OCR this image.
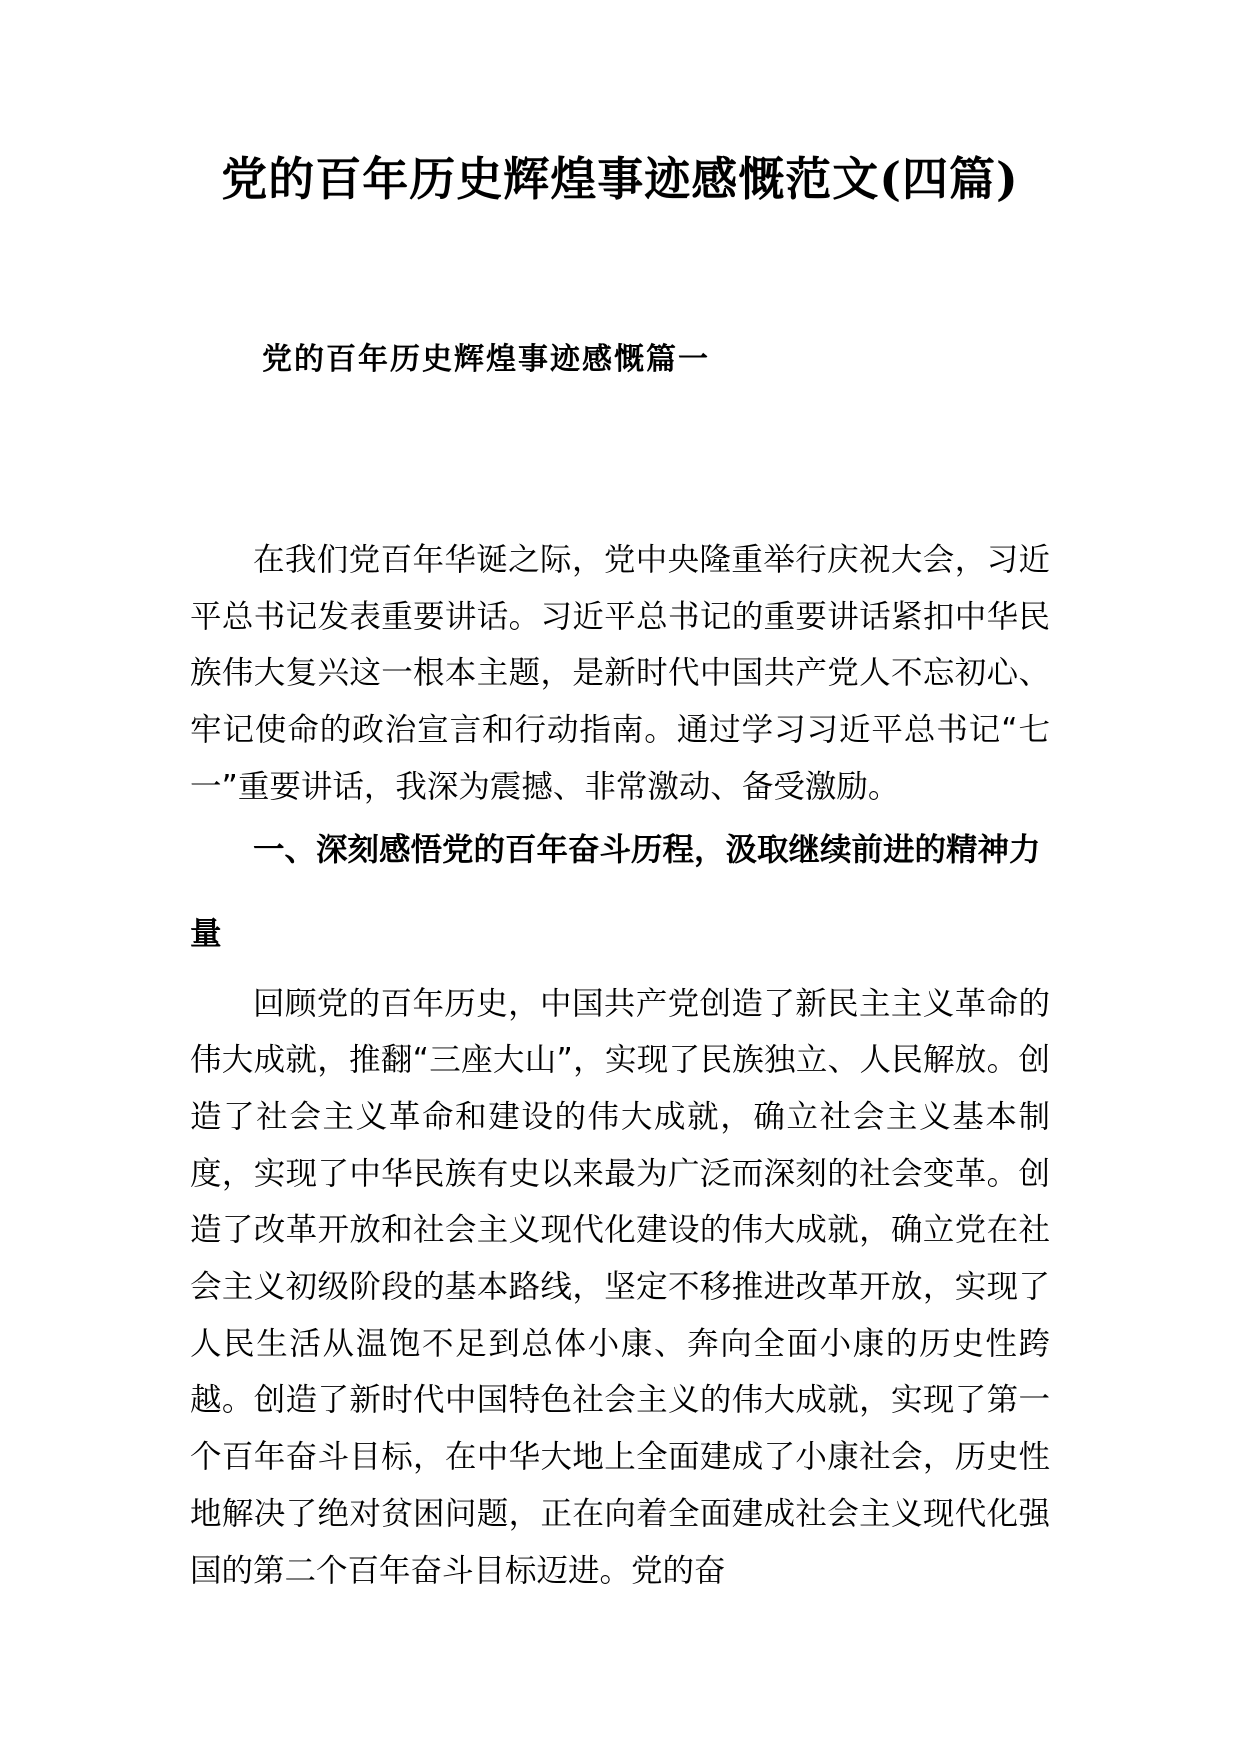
党的百年历史辉煌事迹感慨范文(四篇)
党的百年历史辉煌事迹感慨篇一

在我们党百年华诞之际，党中央隆重举行庆祝大会，习近平总书记发表重要讲话。习近平总书记的重要讲话紧扣中华民族伟大复兴这一根本主题，是新时代中国共产党人不忘初心、牢记使命的政治宣言和行动指南。通过学习习近平总书记“七一”重要讲话，我深为震撼、非常激动、备受激励。

一、深刻感悟党的百年奋斗历程，汲取继续前进的精神力量

回顾党的百年历史，中国共产党创造了新民主主义革命的伟大成就，推翻“三座大山”，实现了民族独立、人民解放。创造了社会主义革命和建设的伟大成就，确立社会主义基本制度，实现了中华民族有史以来最为广泛而深刻的社会变革。创造了改革开放和社会主义现代化建设的伟大成就，确立党在社会主义初级阶段的基本路线，坚定不移推进改革开放，实现了人民生活从温饱不足到总体小康、奔向全面小康的历史性跨越。创造了新时代中国特色社会主义的伟大成就，实现了第一个百年奋斗目标，在中华大地上全面建成了小康社会，历史性地解决了绝对贫困问题，正在向着全面建成社会主义现代化强国的第二个百年奋斗目标迈进。党的奋
